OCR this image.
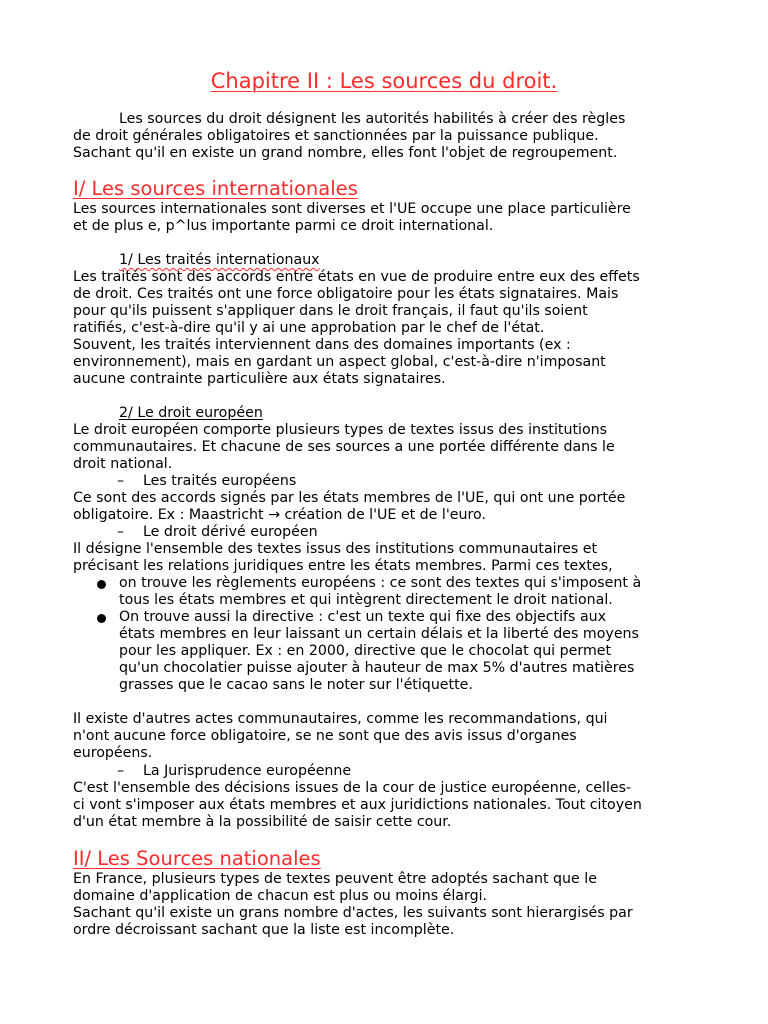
Chapitre II : Les sources du droit.
Les sources du droit désignent les autorités habilités à créer des règles
de droit générales obligatoires et sanctionnées par la puissance publique.
Sachant qu'il en existe un grand nombre, elles font l'objet de regroupement.
I/ Les sources internationales
Les sources internationales sont diverses et l'UE occupe une place particulière
et de plus e, p^lus importante parmi ce droit international.
1/ Les traités internationaux
Les traités sont des accords entre états en vue de produire entre eux des effets
de droit. Ces traités ont une force obligatoire pour les états signataires. Mais
pour qu'ils puissent s'appliquer dans le droit français, il faut qu'ils soient
ratifiés, c'est-à-dire qu'il y ai une approbation par le chef de l'état.
Souvent, les traités interviennent dans des domaines importants (ex :
environnement), mais en gardant un aspect global, c'est-à-dire n'imposant
aucune contrainte particulière aux états signataires.
2/ Le droit européen
Le droit européen comporte plusieurs types de textes issus des institutions
communautaires. Et chacune de ses sources a une portée différente dans le
droit national.
– Les traités européens
Ce sont des accords signés par les états membres de l'UE, qui ont une portée
obligatoire. Ex : Maastricht → création de l'UE et de l'euro.
– Le droit dérivé européen
Il désigne l'ensemble des textes issus des institutions communautaires et
précisant les relations juridiques entre les états membres. Parmi ces textes,
on trouve les règlements européens : ce sont des textes qui s'imposent à
tous les états membres et qui intègrent directement le droit national.
On trouve aussi la directive : c'est un texte qui fixe des objectifs aux
états membres en leur laissant un certain délais et la liberté des moyens
pour les appliquer. Ex : en 2000, directive que le chocolat qui permet
qu'un chocolatier puisse ajouter à hauteur de max 5% d'autres matières
grasses que le cacao sans le noter sur l'étiquette.
Il existe d'autres actes communautaires, comme les recommandations, qui
n'ont aucune force obligatoire, se ne sont que des avis issus d'organes
européens.
– La Jurisprudence européenne
C'est l'ensemble des décisions issues de la cour de justice européenne, celles-
ci vont s'imposer aux états membres et aux juridictions nationales. Tout citoyen
d'un état membre à la possibilité de saisir cette cour.
II/ Les Sources nationales
En France, plusieurs types de textes peuvent être adoptés sachant que le
domaine d'application de chacun est plus ou moins élargi.
Sachant qu'il existe un grans nombre d'actes, les suivants sont hierargisés par
ordre décroissant sachant que la liste est incomplète.
